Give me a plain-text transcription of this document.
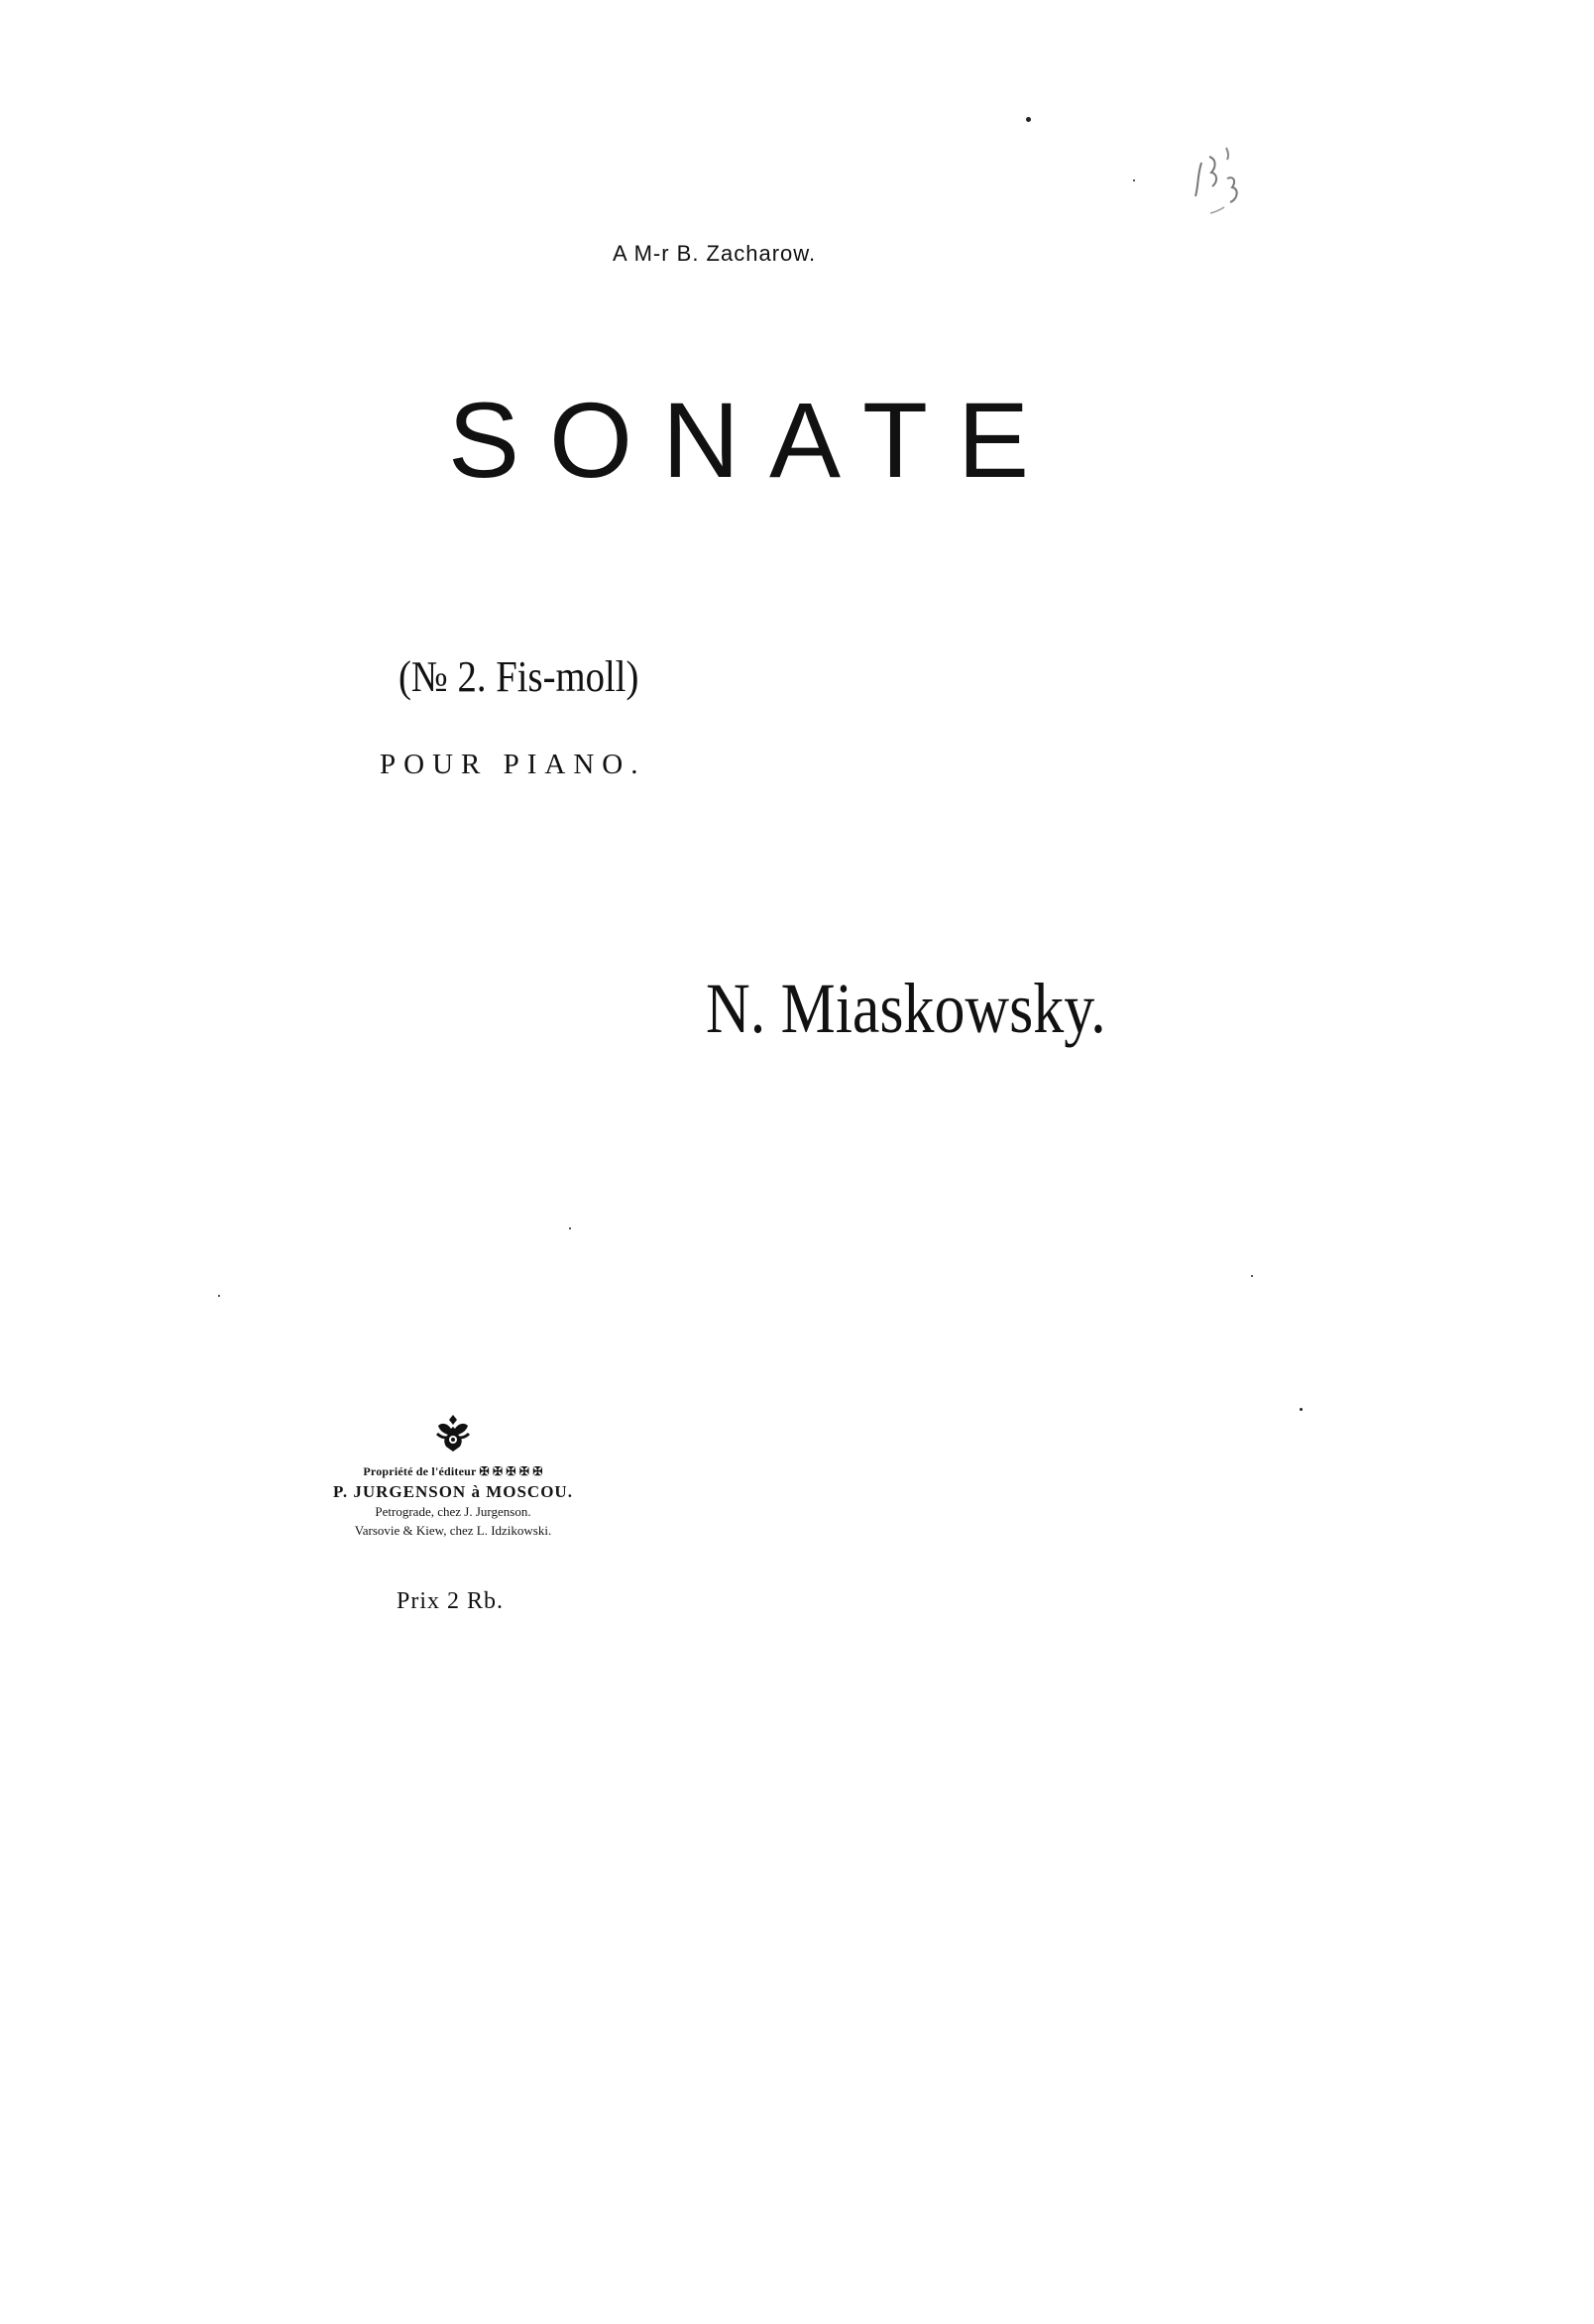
A M-r B. Zacharow.
SONATE
(№ 2. Fis-moll)
POUR PIANO.
N. Miaskowsky.
Propriété de l'éditeur ✠ ✠ ✠ ✠ ✠
P. JURGENSON à MOSCOU.
Petrograde, chez J. Jurgenson.
Varsovie & Kiew, chez L. Idzikowski.
Prix 2 Rb.
